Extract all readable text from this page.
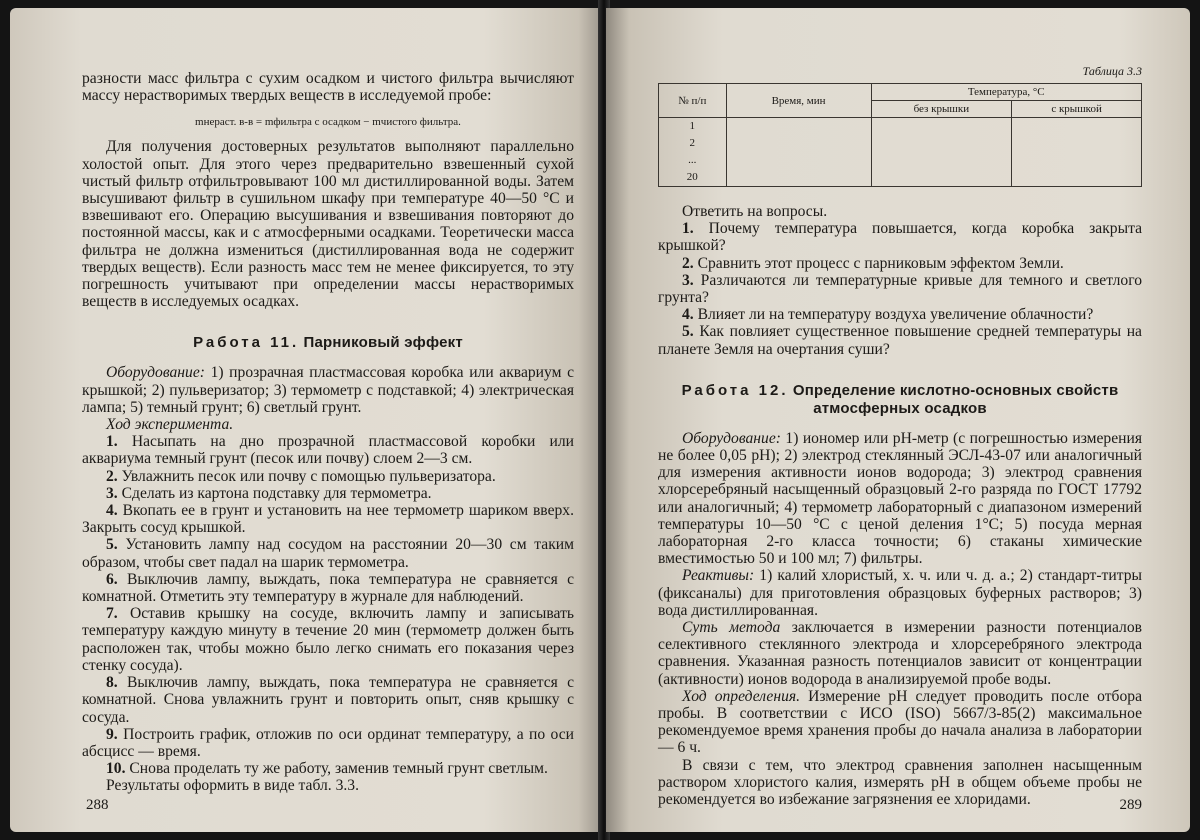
разности масс фильтра с сухим осадком и чистого фильтра вычисляют массу нерастворимых твердых веществ в исследуемой пробе:

mнераст. в-в = mфильтра с осадком − mчистого фильтра.

Для получения достоверных результатов выполняют параллельно холостой опыт. Для этого через предварительно взвешенный сухой чистый фильтр отфильтровывают 100 мл дистиллированной воды. Затем высушивают фильтр в сушильном шкафу при температуре 40—50 °С и взвешивают его. Операцию высушивания и взвешивания повторяют до постоянной массы, как и с атмосферными осадками. Теоретически масса фильтра не должна измениться (дистиллированная вода не содержит твердых веществ). Если разность масс тем не менее фиксируется, то эту погрешность учитывают при определении массы нерастворимых веществ в исследуемых осадках.

Работа 11. Парниковый эффект

Оборудование: 1) прозрачная пластмассовая коробка или аквариум с крышкой; 2) пульверизатор; 3) термометр с подставкой; 4) электрическая лампа; 5) темный грунт; 6) светлый грунт.

Ход эксперимента.

1. Насыпать на дно прозрачной пластмассовой коробки или аквариума темный грунт (песок или почву) слоем 2—3 см.

2. Увлажнить песок или почву с помощью пульверизатора.

3. Сделать из картона подставку для термометра.

4. Вкопать ее в грунт и установить на нее термометр шариком вверх. Закрыть сосуд крышкой.

5. Установить лампу над сосудом на расстоянии 20—30 см таким образом, чтобы свет падал на шарик термометра.

6. Выключив лампу, выждать, пока температура не сравняется с комнатной. Отметить эту температуру в журнале для наблюдений.

7. Оставив крышку на сосуде, включить лампу и записывать температуру каждую минуту в течение 20 мин (термометр должен быть расположен так, чтобы можно было легко снимать его показания через стенку сосуда).

8. Выключив лампу, выждать, пока температура не сравняется с комнатной. Снова увлажнить грунт и повторить опыт, сняв крышку с сосуда.

9. Построить график, отложив по оси ординат температуру, а по оси абсцисс — время.

10. Снова проделать ту же работу, заменив темный грунт светлым.

Результаты оформить в виде табл. 3.3.

288
Таблица 3.3
№ п/п	Время, мин	Температура, °С	
		без крышки	с крышкой
1			
2			
...			
20			

Ответить на вопросы.

1. Почему температура повышается, когда коробка закрыта крышкой?

2. Сравнить этот процесс с парниковым эффектом Земли.

3. Различаются ли температурные кривые для темного и светлого грунта?

4. Влияет ли на температуру воздуха увеличение облачности?

5. Как повлияет существенное повышение средней температуры на планете Земля на очертания суши?

Работа 12. Определение кислотно-основных свойств атмосферных осадков

Оборудование: 1) иономер или pH-метр (с погрешностью измерения не более 0,05 pH); 2) электрод стеклянный ЭСЛ-43-07 или аналогичный для измерения активности ионов водорода; 3) электрод сравнения хлорсеребряный насыщенный образцовый 2-го разряда по ГОСТ 17792 или аналогичный; 4) термометр лабораторный с диапазоном измерений температуры 10—50 °С с ценой деления 1°С; 5) посуда мерная лабораторная 2-го класса точности; 6) стаканы химические вместимостью 50 и 100 мл; 7) фильтры.

Реактивы: 1) калий хлористый, х. ч. или ч. д. а.; 2) стандарт-титры (фиксаналы) для приготовления образцовых буферных растворов; 3) вода дистиллированная.

Суть метода заключается в измерении разности потенциалов селективного стеклянного электрода и хлорсеребряного электрода сравнения. Указанная разность потенциалов зависит от концентрации (активности) ионов водорода в анализируемой пробе воды.

Ход определения. Измерение pH следует проводить после отбора пробы. В соответствии с ИСО (ISO) 5667/3-85(2) максимальное рекомендуемое время хранения пробы до начала анализа в лаборатории — 6 ч.

В связи с тем, что электрод сравнения заполнен насыщенным раствором хлористого калия, измерять pH в общем объеме пробы не рекомендуется во избежание загрязнения ее хлоридами.	289
